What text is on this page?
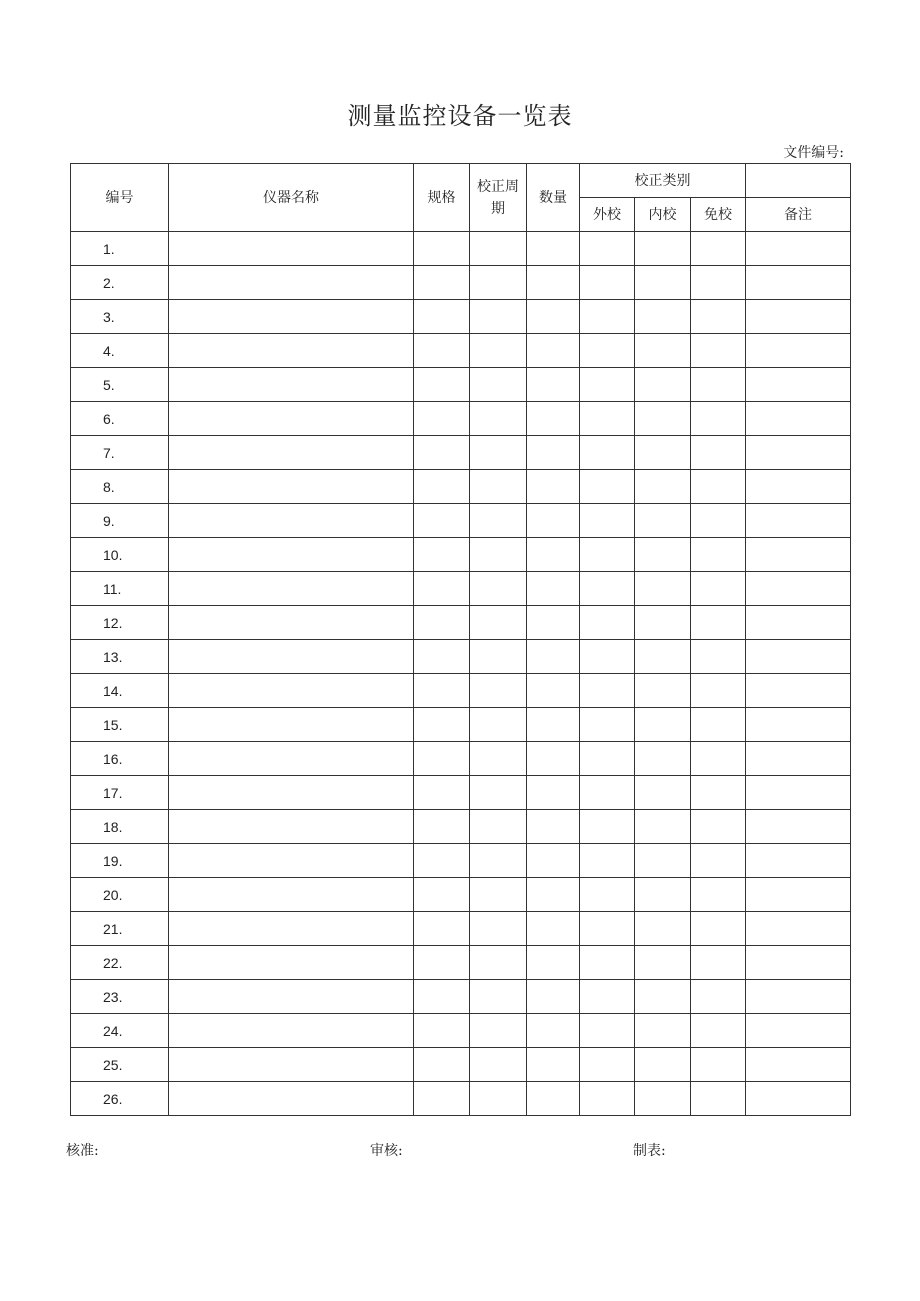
测量监控设备一览表
文件编号:
编号	仪器名称	规格	校正周期	数量	校正类别			
					外校	内校	免校	备注
1.								
2.								
3.								
4.								
5.								
6.								
7.								
8.								
9.								
10.								
11.								
12.								
13.								
14.								
15.								
16.								
17.								
18.								
19.								
20.								
21.								
22.								
23.								
24.								
25.								
26.								
核准:	审核:	制表:
